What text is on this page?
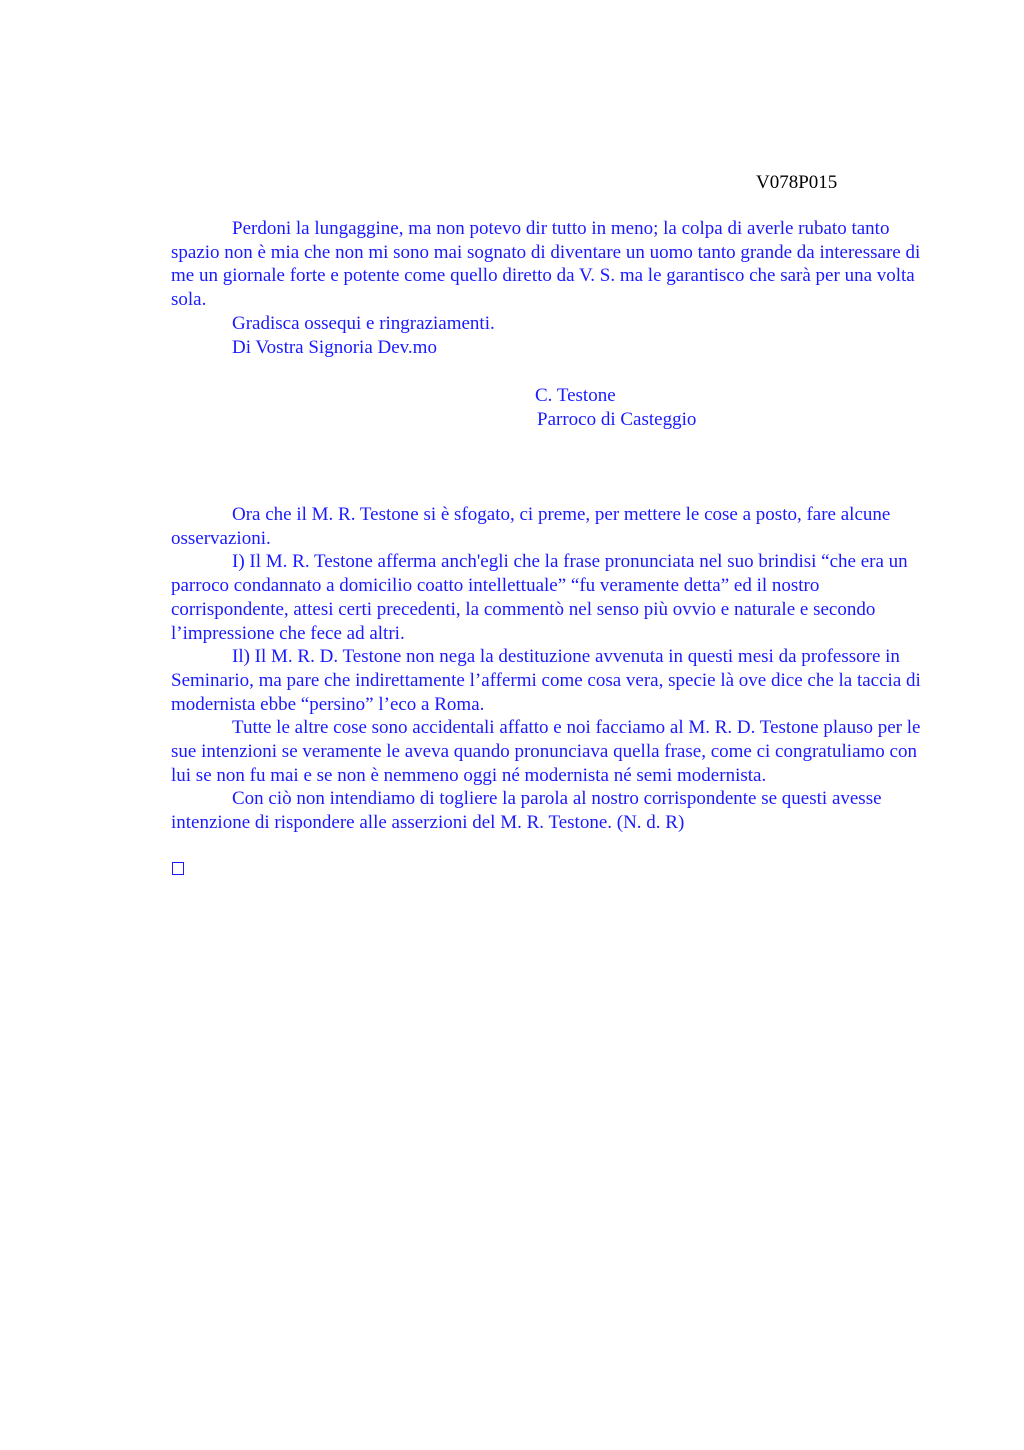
V078P015

Perdoni la lungaggine, ma non potevo dir tutto in meno; la colpa di averle rubato tanto spazio non è mia che non mi sono mai sognato di diventare un uomo tanto grande da interessare di me un giornale forte e potente come quello diretto da V. S. ma le garantisco che sarà per una volta sola.

Gradisca ossequi e ringraziamenti.

Di Vostra Signoria Dev.mo

C. Testone
Parroco di Casteggio

Ora che il M. R. Testone si è sfogato, ci preme, per mettere le cose a posto, fare alcune osservazioni.

I) Il M. R. Testone afferma anch'egli che la frase pronunciata nel suo brindisi “che era un parroco condannato a domicilio coatto intellettuale” “fu veramente detta” ed il nostro corrispondente, attesi certi precedenti, la commentò nel senso più ovvio e naturale e secondo l’impressione che fece ad altri.

Il) Il M. R. D. Testone non nega la destituzione avvenuta in questi mesi da professore in Seminario, ma pare che indirettamente l’affermi come cosa vera, specie là ove dice che la taccia di modernista ebbe “persino” l’eco a Roma.

Tutte le altre cose sono accidentali affatto e noi facciamo al M. R. D. Testone plauso per le sue intenzioni se veramente le aveva quando pronunciava quella frase, come ci congratuliamo con lui se non fu mai e se non è nemmeno oggi né modernista né semi modernista.

Con ciò non intendiamo di togliere la parola al nostro corrispondente se questi avesse intenzione di rispondere alle asserzioni del M. R. Testone. (N. d. R)
